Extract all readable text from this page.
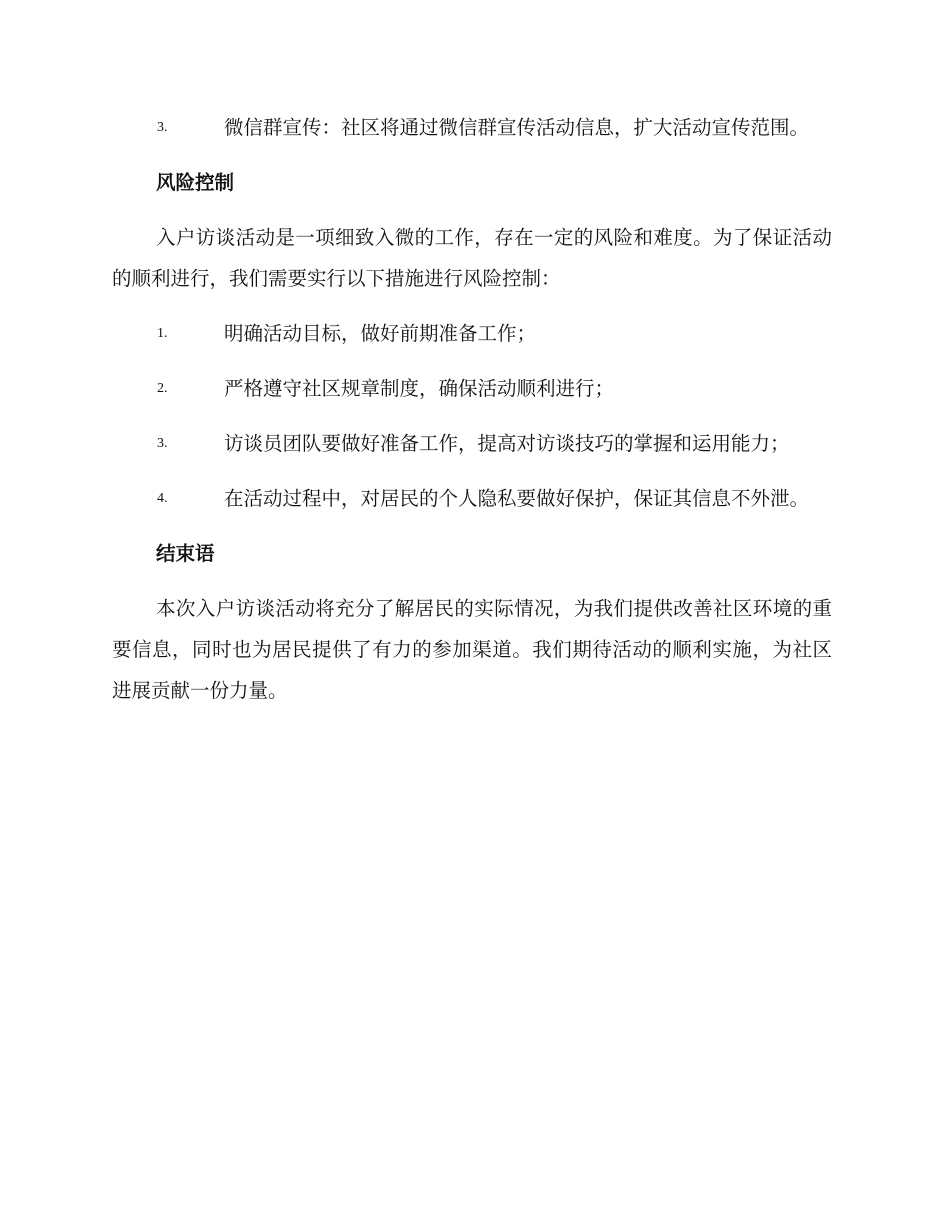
3.	微信群宣传：社区将通过微信群宣传活动信息，扩大活动宣传范围。
风险控制
入户访谈活动是一项细致入微的工作，存在一定的风险和难度。为了保证活动的顺利进行，我们需要实行以下措施进行风险控制：
1.	明确活动目标，做好前期准备工作；
2.	严格遵守社区规章制度，确保活动顺利进行；
3.	访谈员团队要做好准备工作，提高对访谈技巧的掌握和运用能力；
4.	在活动过程中，对居民的个人隐私要做好保护，保证其信息不外泄。
结束语
本次入户访谈活动将充分了解居民的实际情况，为我们提供改善社区环境的重要信息，同时也为居民提供了有力的参加渠道。我们期待活动的顺利实施，为社区进展贡献一份力量。
